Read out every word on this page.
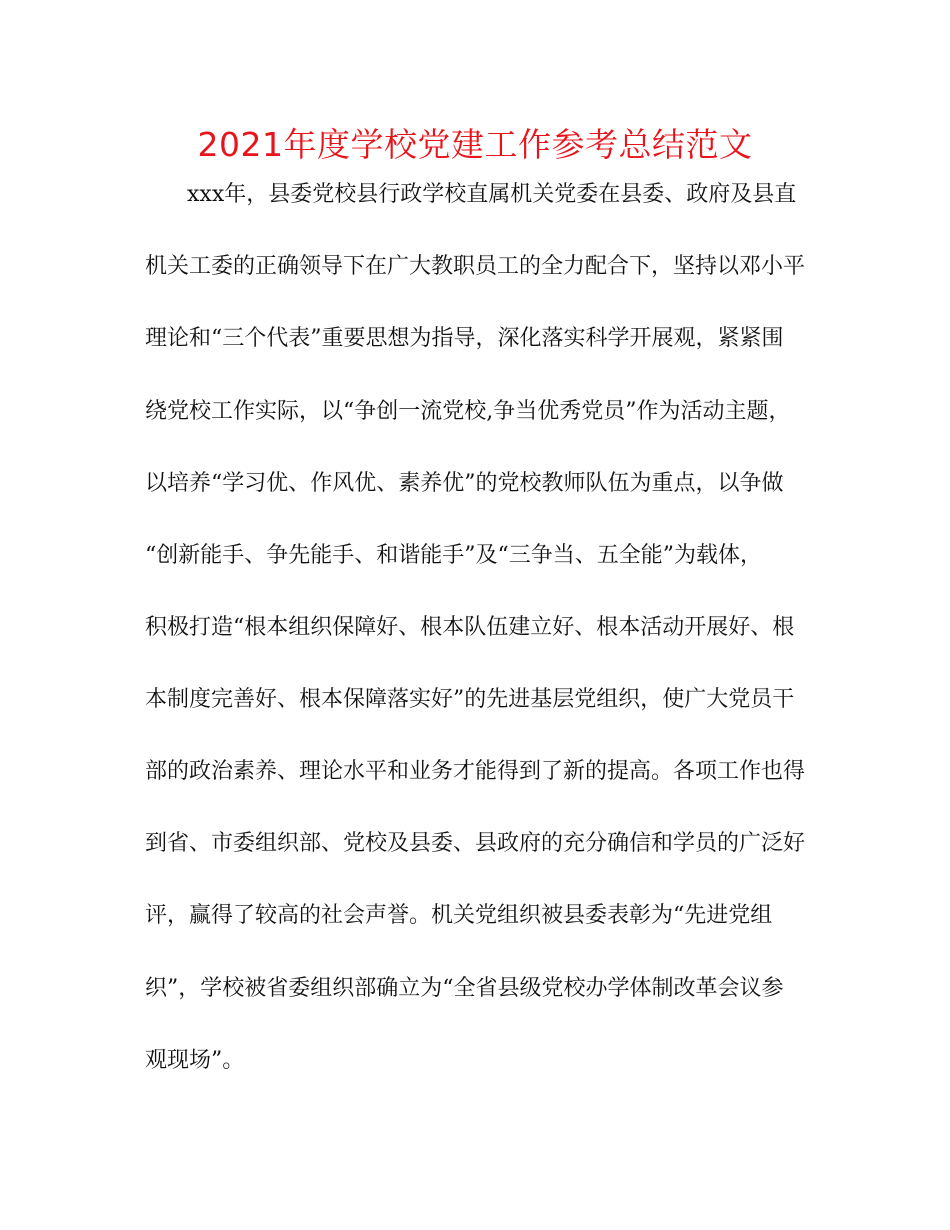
2021年度学校党建工作参考总结范文
xxx年，县委党校县行政学校直属机关党委在县委、政府及县直
机关工委的正确领导下在广大教职员工的全力配合下，坚持以邓小平
理论和“三个代表”重要思想为指导，深化落实科学开展观，紧紧围
绕党校工作实际，以“争创一流党校,争当优秀党员”作为活动主题，
以培养“学习优、作风优、素养优”的党校教师队伍为重点，以争做
“创新能手、争先能手、和谐能手”及“三争当、五全能”为载体，
积极打造“根本组织保障好、根本队伍建立好、根本活动开展好、根
本制度完善好、根本保障落实好”的先进基层党组织，使广大党员干
部的政治素养、理论水平和业务才能得到了新的提高。各项工作也得
到省、市委组织部、党校及县委、县政府的充分确信和学员的广泛好
评，赢得了较高的社会声誉。机关党组织被县委表彰为“先进党组
织”，学校被省委组织部确立为“全省县级党校办学体制改革会议参
观现场”。
